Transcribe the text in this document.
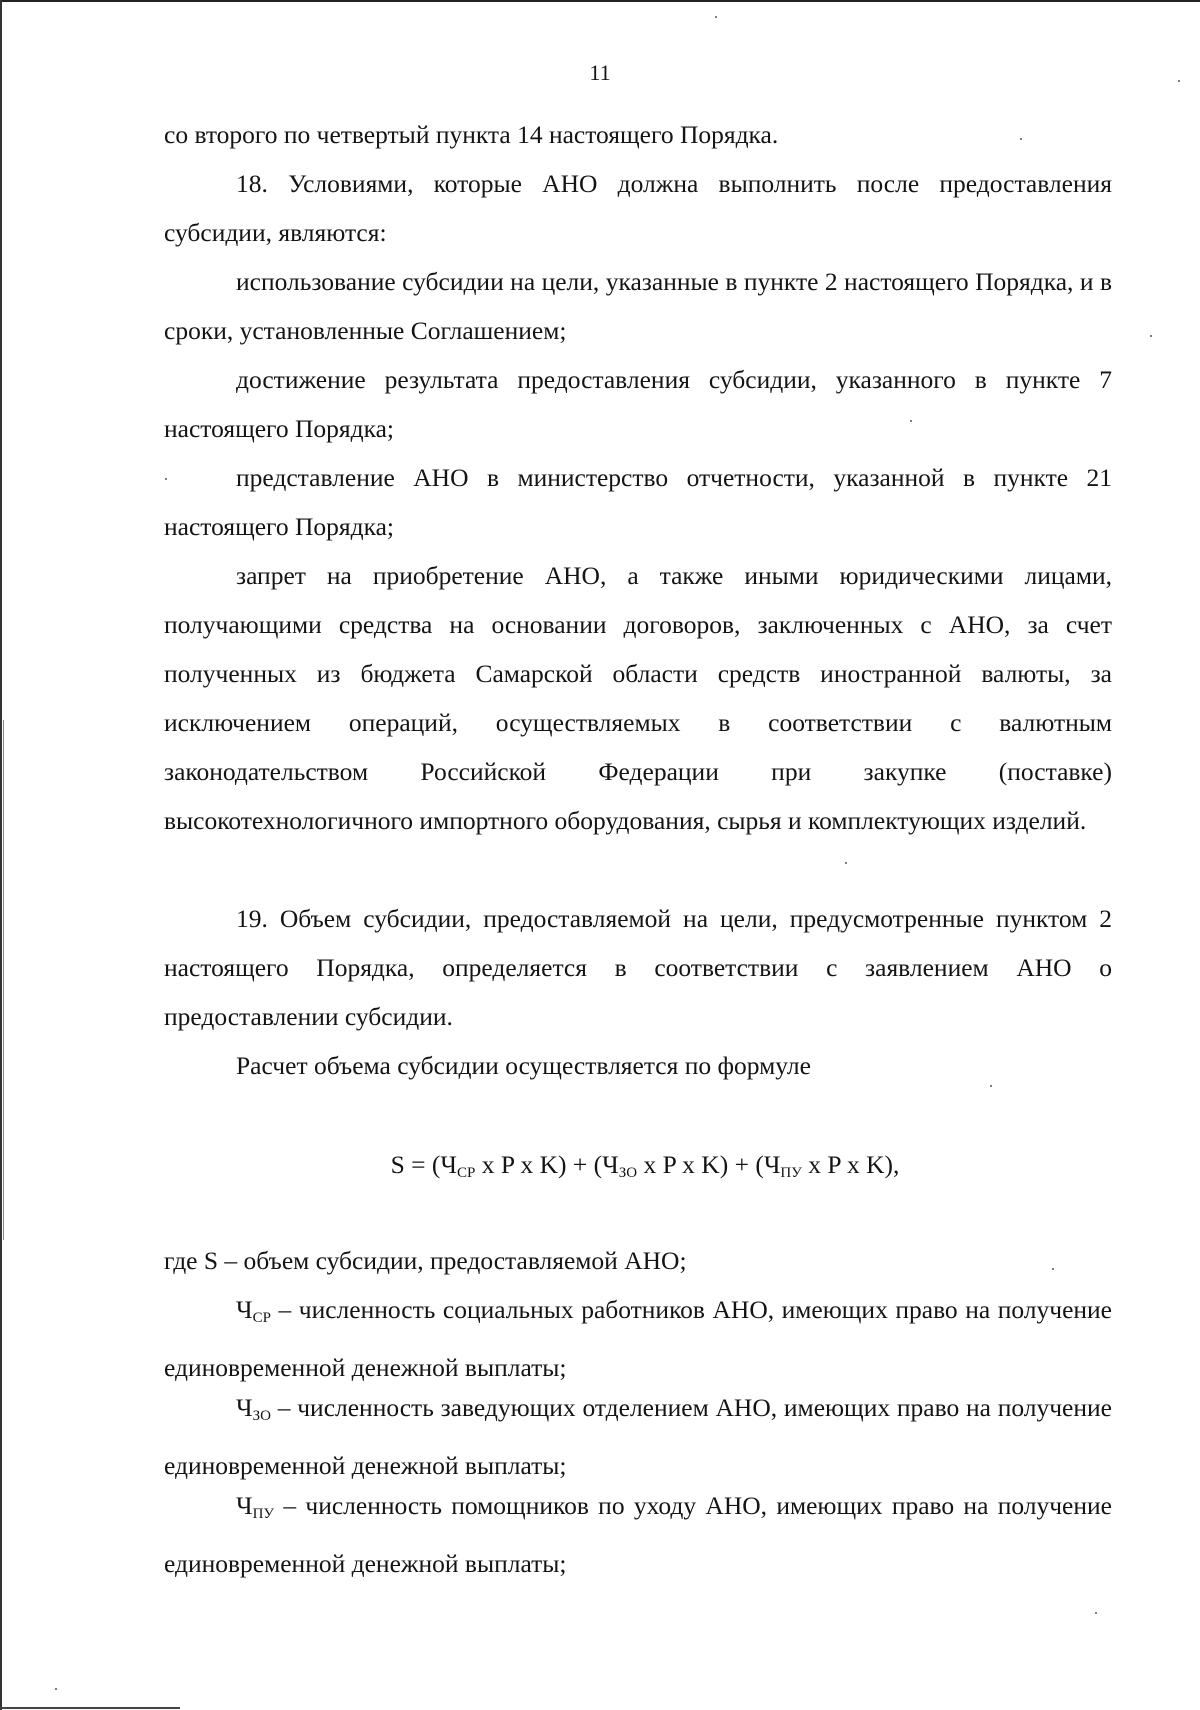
11

со второго по четвертый пункта 14 настоящего Порядка.

18. Условиями, которые АНО должна выполнить после предоставления субсидии, являются:

использование субсидии на цели, указанные в пункте 2 настоящего Порядка, и в сроки, установленные Соглашением;

достижение результата предоставления субсидии, указанного в пункте 7 настоящего Порядка;

представление АНО в министерство отчетности, указанной в пункте 21 настоящего Порядка;

запрет на приобретение АНО, а также иными юридическими лицами, получающими средства на основании договоров, заключенных с АНО, за счет полученных из бюджета Самарской области средств иностранной валюты, за исключением операций, осуществляемых в соответствии с валютным законодательством Российской Федерации при закупке (поставке) высокотехнологичного импортного оборудования, сырья и комплектующих изделий.

19. Объем субсидии, предоставляемой на цели, предусмотренные пунктом 2 настоящего Порядка, определяется в соответствии с заявлением АНО о предоставлении субсидии.

Расчет объема субсидии осуществляется по формуле

$S = (Ч_{СР}$ x P x $K) + (Ч_{ЗО}$ x P x $K) + (Ч_{ПУ}$ x P x K),

где S – объем субсидии, предоставляемой АНО;

$Ч_{СР}$ – численность социальных работников АНО, имеющих право на получение единовременной денежной выплаты;

$Ч_{ЗО}$ – численность заведующих отделением АНО, имеющих право на получение единовременной денежной выплаты;

$Ч_{ПУ}$ – численность помощников по уходу АНО, имеющих право на получение единовременной денежной выплаты;
